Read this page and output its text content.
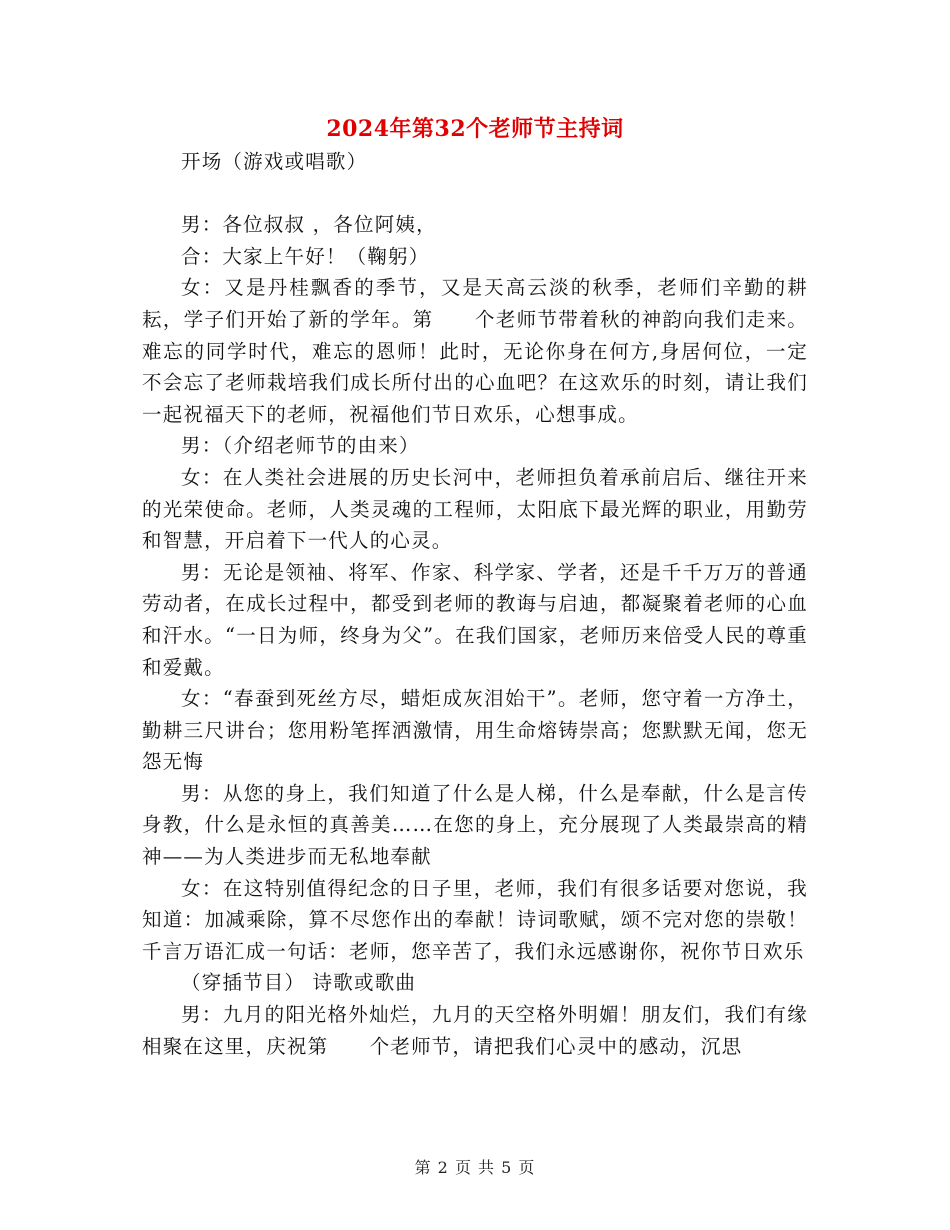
2024年第32个老师节主持词

开场（游戏或唱歌）

男：各位叔叔 ，各位阿姨，

合：大家上午好！（鞠躬）

女：又是丹桂飘香的季节，又是天高云淡的秋季，老师们辛勤的耕耘，学子们开始了新的学年。第　　个老师节带着秋的神韵向我们走来。难忘的同学时代，难忘的恩师！此时，无论你身在何方,身居何位，一定不会忘了老师栽培我们成长所付出的心血吧？在这欢乐的时刻，请让我们一起祝福天下的老师，祝福他们节日欢乐，心想事成。

男：（介绍老师节的由来）

女：在人类社会进展的历史长河中，老师担负着承前启后、继往开来的光荣使命。老师，人类灵魂的工程师，太阳底下最光辉的职业，用勤劳和智慧，开启着下一代人的心灵。

男：无论是领袖、将军、作家、科学家、学者，还是千千万万的普通劳动者，在成长过程中，都受到老师的教诲与启迪，都凝聚着老师的心血和汗水。“一日为师，终身为父”。在我们国家，老师历来倍受人民的尊重和爱戴。

女：“春蚕到死丝方尽，蜡炬成灰泪始干”。老师，您守着一方净土，勤耕三尺讲台；您用粉笔挥洒激情，用生命熔铸崇高；您默默无闻，您无怨无悔

男：从您的身上，我们知道了什么是人梯，什么是奉献，什么是言传身教，什么是永恒的真善美……在您的身上，充分展现了人类最崇高的精神——为人类进步而无私地奉献

女：在这特别值得纪念的日子里，老师，我们有很多话要对您说，我知道：加减乘除，算不尽您作出的奉献！诗词歌赋，颂不完对您的崇敬！千言万语汇成一句话：老师，您辛苦了，我们永远感谢你，祝你节日欢乐

（穿插节目） 诗歌或歌曲

男：九月的阳光格外灿烂，九月的天空格外明媚！朋友们，我们有缘相聚在这里，庆祝第　　个老师节，请把我们心灵中的感动，沉思

第 2 页 共 5 页
